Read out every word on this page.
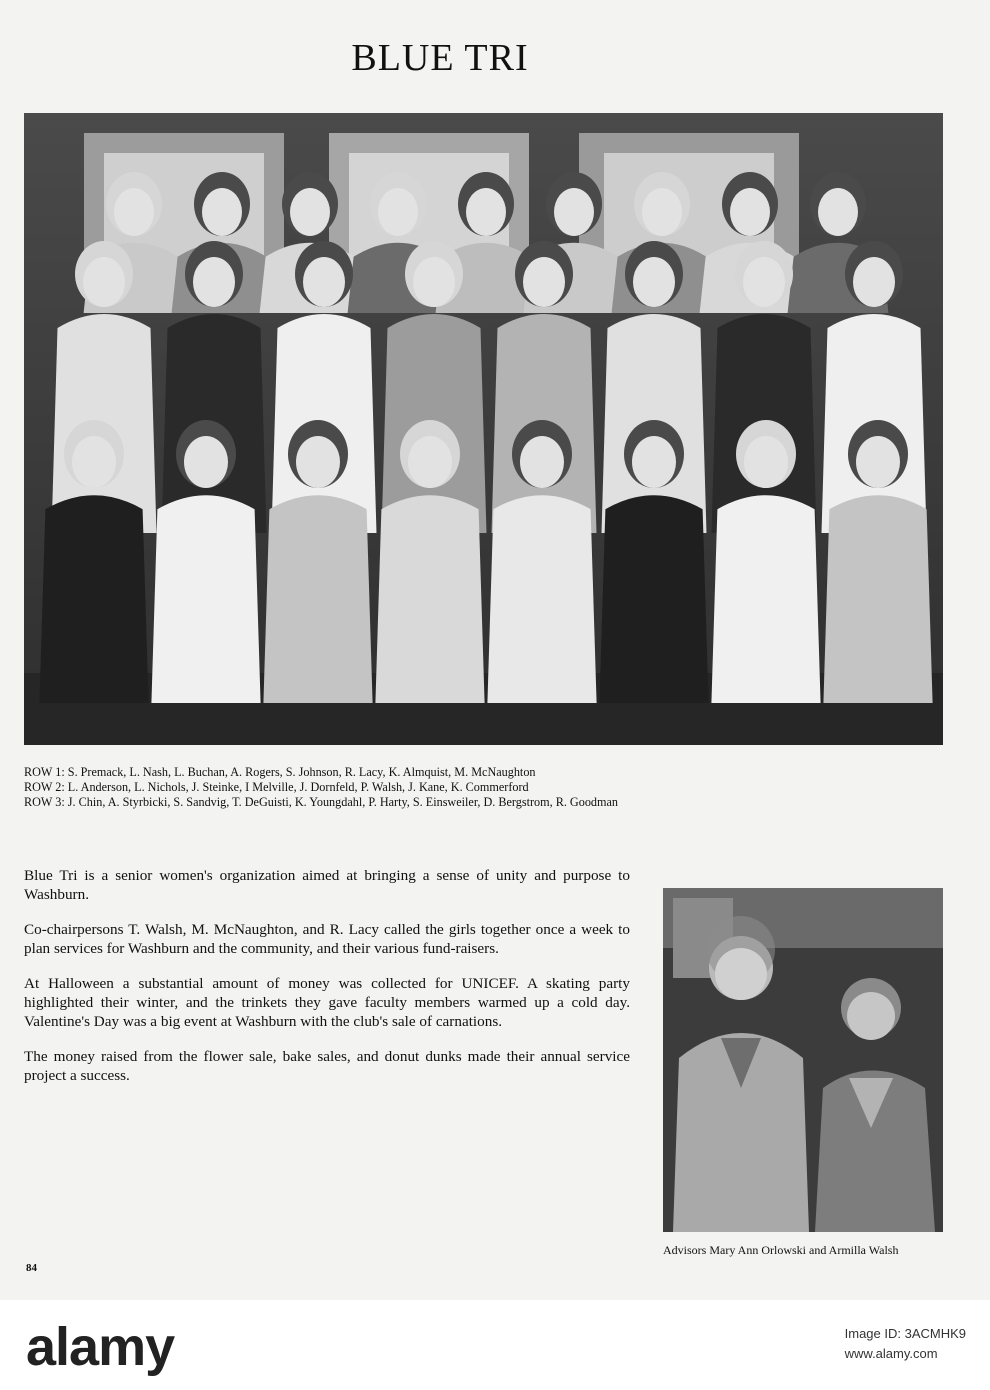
BLUE TRI
ROW 1: S. Premack, L. Nash, L. Buchan, A. Rogers, S. Johnson, R. Lacy, K. Almquist, M. McNaughton
ROW 2: L. Anderson, L. Nichols, J. Steinke, I Melville, J. Dornfeld, P. Walsh, J. Kane, K. Commerford
ROW 3: J. Chin, A. Styrbicki, S. Sandvig, T. DeGuisti, K. Youngdahl, P. Harty, S. Einsweiler, D. Bergstrom, R. Goodman

Blue Tri is a senior women's organization aimed at bringing a sense of unity and purpose to Washburn.

Co-chairpersons T. Walsh, M. McNaughton, and R. Lacy called the girls together once a week to plan services for Washburn and the community, and their various fund-raisers.

At Halloween a substantial amount of money was collected for UNICEF. A skating party highlighted their winter, and the trinkets they gave faculty members warmed up a cold day. Valentine's Day was a big event at Washburn with the club's sale of carnations.

The money raised from the flower sale, bake sales, and donut dunks made their annual service project a success.

Advisors Mary Ann Orlowski and Armilla Walsh
84
alamy	Image ID: 3ACMHK9
www.alamy.com
